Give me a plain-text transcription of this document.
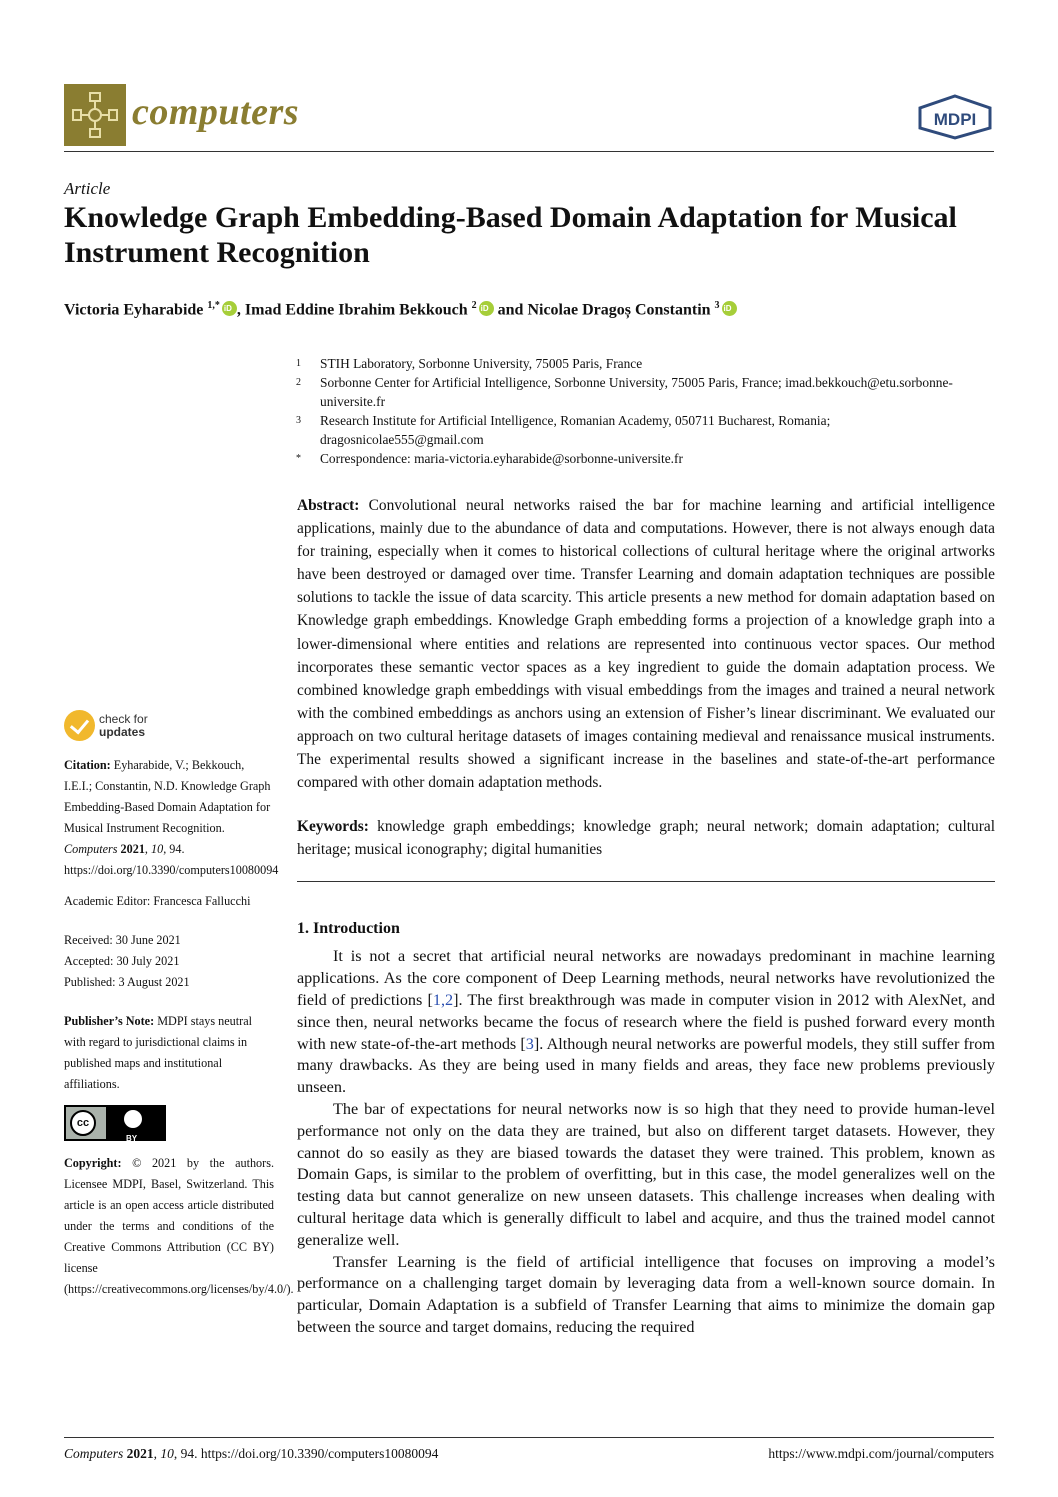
computers	MDPI
Article
Knowledge Graph Embedding-Based Domain Adaptation for Musical Instrument Recognition
Victoria Eyharabide $^{1,*}$ iD , Imad Eddine Ibrahim Bekkouch $^2$ iD and Nicolae Dragoș Constantin $^3$iD
1	STIH Laboratory, Sorbonne University, 75005 Paris, France
2	Sorbonne Center for Artificial Intelligence, Sorbonne University, 75005 Paris, France; imad.bekkouch@etu.sorbonne-universite.fr
3	Research Institute for Artificial Intelligence, Romanian Academy, 050711 Bucharest, Romania; dragosnicolae555@gmail.com
*	Correspondence: maria-victoria.eyharabide@sorbonne-universite.fr
Abstract: Convolutional neural networks raised the bar for machine learning and artificial intelligence applications, mainly due to the abundance of data and computations. However, there is not always enough data for training, especially when it comes to historical collections of cultural heritage where the original artworks have been destroyed or damaged over time. Transfer Learning and domain adaptation techniques are possible solutions to tackle the issue of data scarcity. This article presents a new method for domain adaptation based on Knowledge graph embeddings. Knowledge Graph embedding forms a projection of a knowledge graph into a lower-dimensional where entities and relations are represented into continuous vector spaces. Our method incorporates these semantic vector spaces as a key ingredient to guide the domain adaptation process. We combined knowledge graph embeddings with visual embeddings from the images and trained a neural network with the combined embeddings as anchors using an extension of Fisher’s linear discriminant. We evaluated our approach on two cultural heritage datasets of images containing medieval and renaissance musical instruments. The experimental results showed a significant increase in the baselines and state-of-the-art performance compared with other domain adaptation methods.
Keywords: knowledge graph embeddings; knowledge graph; neural network; domain adaptation; cultural heritage; musical iconography; digital humanities
1. Introduction
It is not a secret that artificial neural networks are nowadays predominant in machine learning applications. As the core component of Deep Learning methods, neural networks have revolutionized the field of predictions [1,2]. The first breakthrough was made in computer vision in 2012 with AlexNet, and since then, neural networks became the focus of research where the field is pushed forward every month with new state-of-the-art methods [3]. Although neural networks are powerful models, they still suffer from many drawbacks. As they are being used in many fields and areas, they face new problems previously unseen.
The bar of expectations for neural networks now is so high that they need to provide human-level performance not only on the data they are trained, but also on different target datasets. However, they cannot do so easily as they are biased towards the dataset they were trained. This problem, known as Domain Gaps, is similar to the problem of overfitting, but in this case, the model generalizes well on the testing data but cannot generalize on new unseen datasets. This challenge increases when dealing with cultural heritage data which is generally difficult to label and acquire, and thus the trained model cannot generalize well.
Transfer Learning is the field of artificial intelligence that focuses on improving a model’s performance on a challenging target domain by leveraging data from a well-known source domain. In particular, Domain Adaptation is a subfield of Transfer Learning that aims to minimize the domain gap between the source and target domains, reducing the required
check for
updates
Citation: Eyharabide, V.; Bekkouch, I.E.I.; Constantin, N.D. Knowledge Graph Embedding-Based Domain Adaptation for Musical Instrument Recognition. Computers 2021, 10, 94. https://doi.org/10.3390/computers10080094
Academic Editor: Francesca Fallucchi
Received: 30 June 2021
Accepted: 30 July 2021
Published: 3 August 2021
Publisher’s Note: MDPI stays neutral with regard to jurisdictional claims in published maps and institutional affiliations.
cc
BY
Copyright: © 2021 by the authors. Licensee MDPI, Basel, Switzerland. This article is an open access article distributed under the terms and conditions of the Creative Commons Attribution (CC BY) license (https://creativecommons.org/licenses/by/4.0/).
Computers 2021, 10, 94. https://doi.org/10.3390/computers10080094	https://www.mdpi.com/journal/computers
